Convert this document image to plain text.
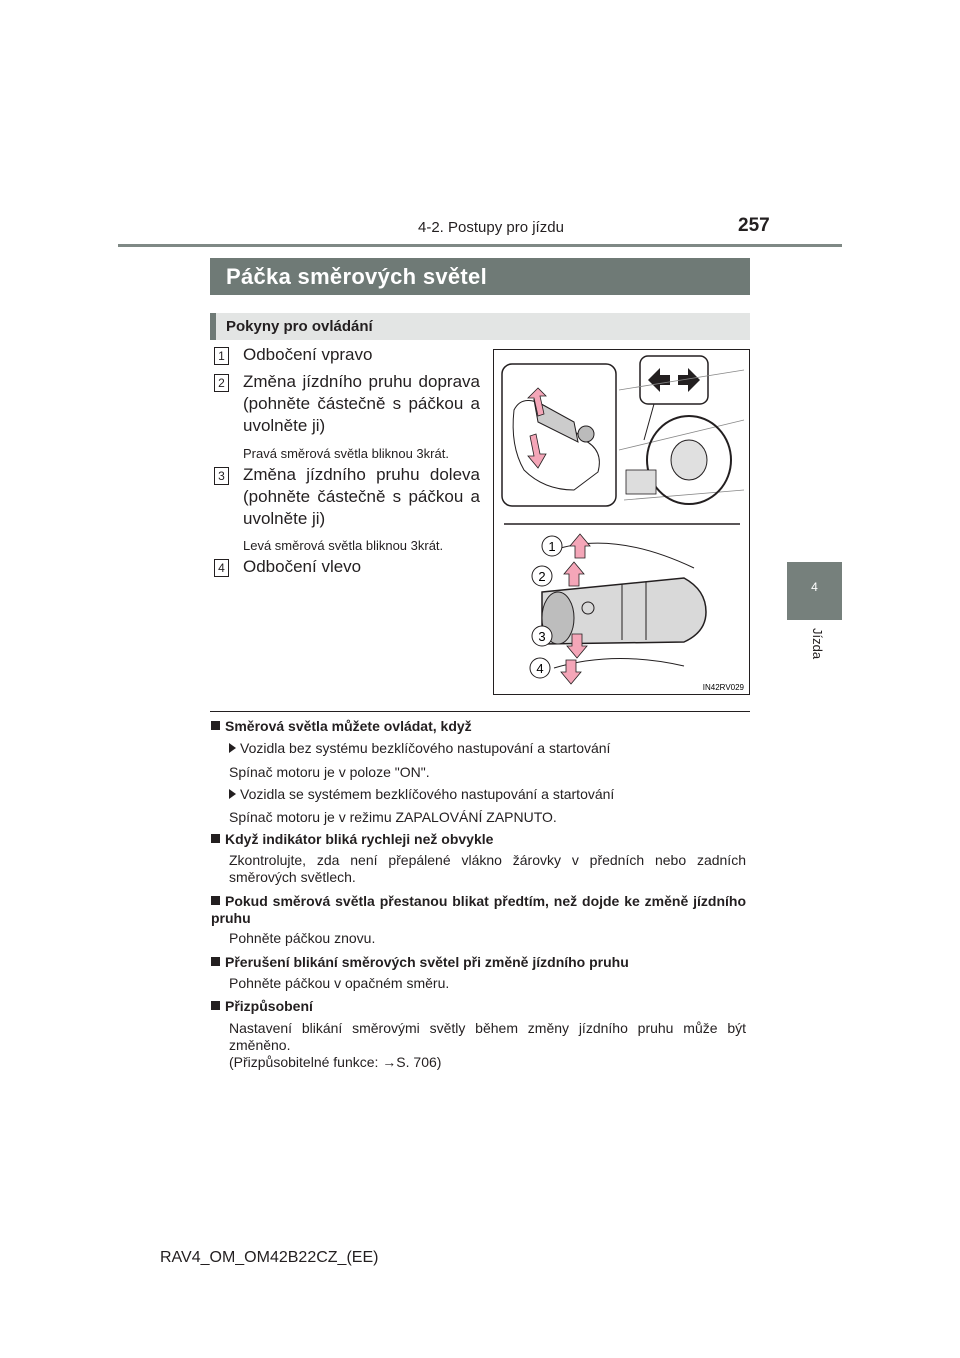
4-2. Postupy pro jízdu	257
4
Jízda
Páčka směrových světel
Pokyny pro ovládání
1 Odbočení vpravo
2 Změna jízdního pruhu doprava (pohněte částečně s páčkou a uvolněte ji)
Pravá směrová světla bliknou 3krát.
3 Změna jízdního pruhu doleva (pohněte částečně s páčkou a uvolněte ji)
Levá směrová světla bliknou 3krát.
4 Odbočení vlevo
1
2
3
4
IN42RV029
Směrová světla můžete ovládat, když
Vozidla bez systému bezklíčového nastupování a startování
Spínač motoru je v poloze "ON".
Vozidla se systémem bezklíčového nastupování a startování
Spínač motoru je v režimu ZAPALOVÁNÍ ZAPNUTO.
Když indikátor bliká rychleji než obvykle
Zkontrolujte, zda není přepálené vlákno žárovky v předních nebo zadních směrových světlech.
Pokud směrová světla přestanou blikat předtím, než dojde ke změně jízdního pruhu
Pohněte páčkou znovu.
Přerušení blikání směrových světel při změně jízdního pruhu
Pohněte páčkou v opačném směru.
Přizpůsobení
Nastavení blikání směrovými světly během změny jízdního pruhu může být změněno.
(Přizpůsobitelné funkce: →S. 706)
RAV4_OM_OM42B22CZ_(EE)
